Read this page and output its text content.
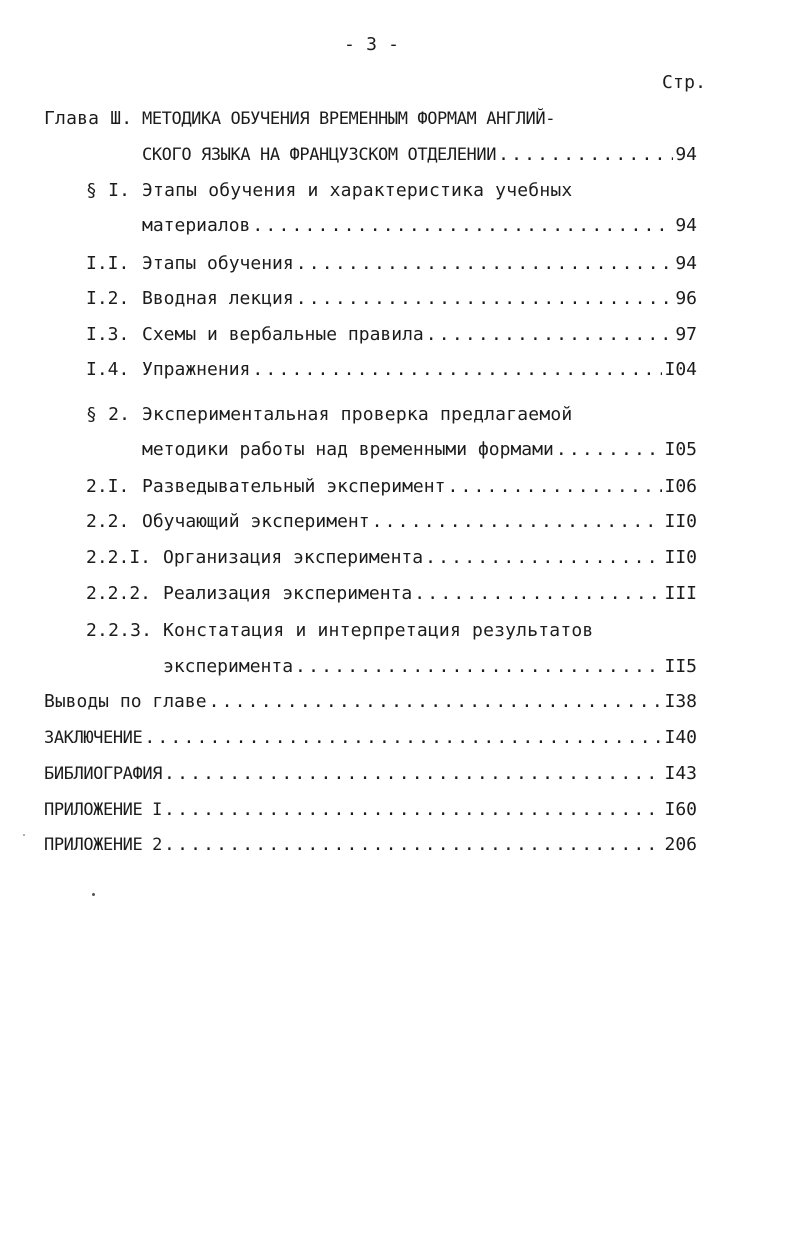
- 3 -
Стр.
Глава Ш. МЕТОДИКА ОБУЧЕНИЯ ВРЕМЕННЫМ ФОРМАМ АНГЛИЙ-
СКОГО ЯЗЫКА НА ФРАНЦУЗСКОМ ОТДЕЛЕНИИ .....	94
§ I. Этапы обучения и характеристика учебных
материалов .....	94
I.I. Этапы обучения .....	94
I.2. Вводная лекция .....	96
I.3. Схемы и вербальные правила .....	97
I.4. Упражнения .....	I04
§ 2. Экспериментальная проверка предлагаемой
методики работы над временными формами .....	I05
2.I. Разведывательный эксперимент .....	I06
2.2. Обучающий эксперимент .....	II0
2.2.I. Организация эксперимента .....	II0
2.2.2. Реализация эксперимента .....	III
2.2.3. Констатация и интерпретация результатов
эксперимента .....	II5
Выводы по главе .....	I38
ЗАКЛЮЧЕНИЕ .....	I40
БИБЛИОГРАФИЯ .....	I43
ПРИЛОЖЕНИЕ I .....	I60
ПРИЛОЖЕНИЕ 2 .....	206
